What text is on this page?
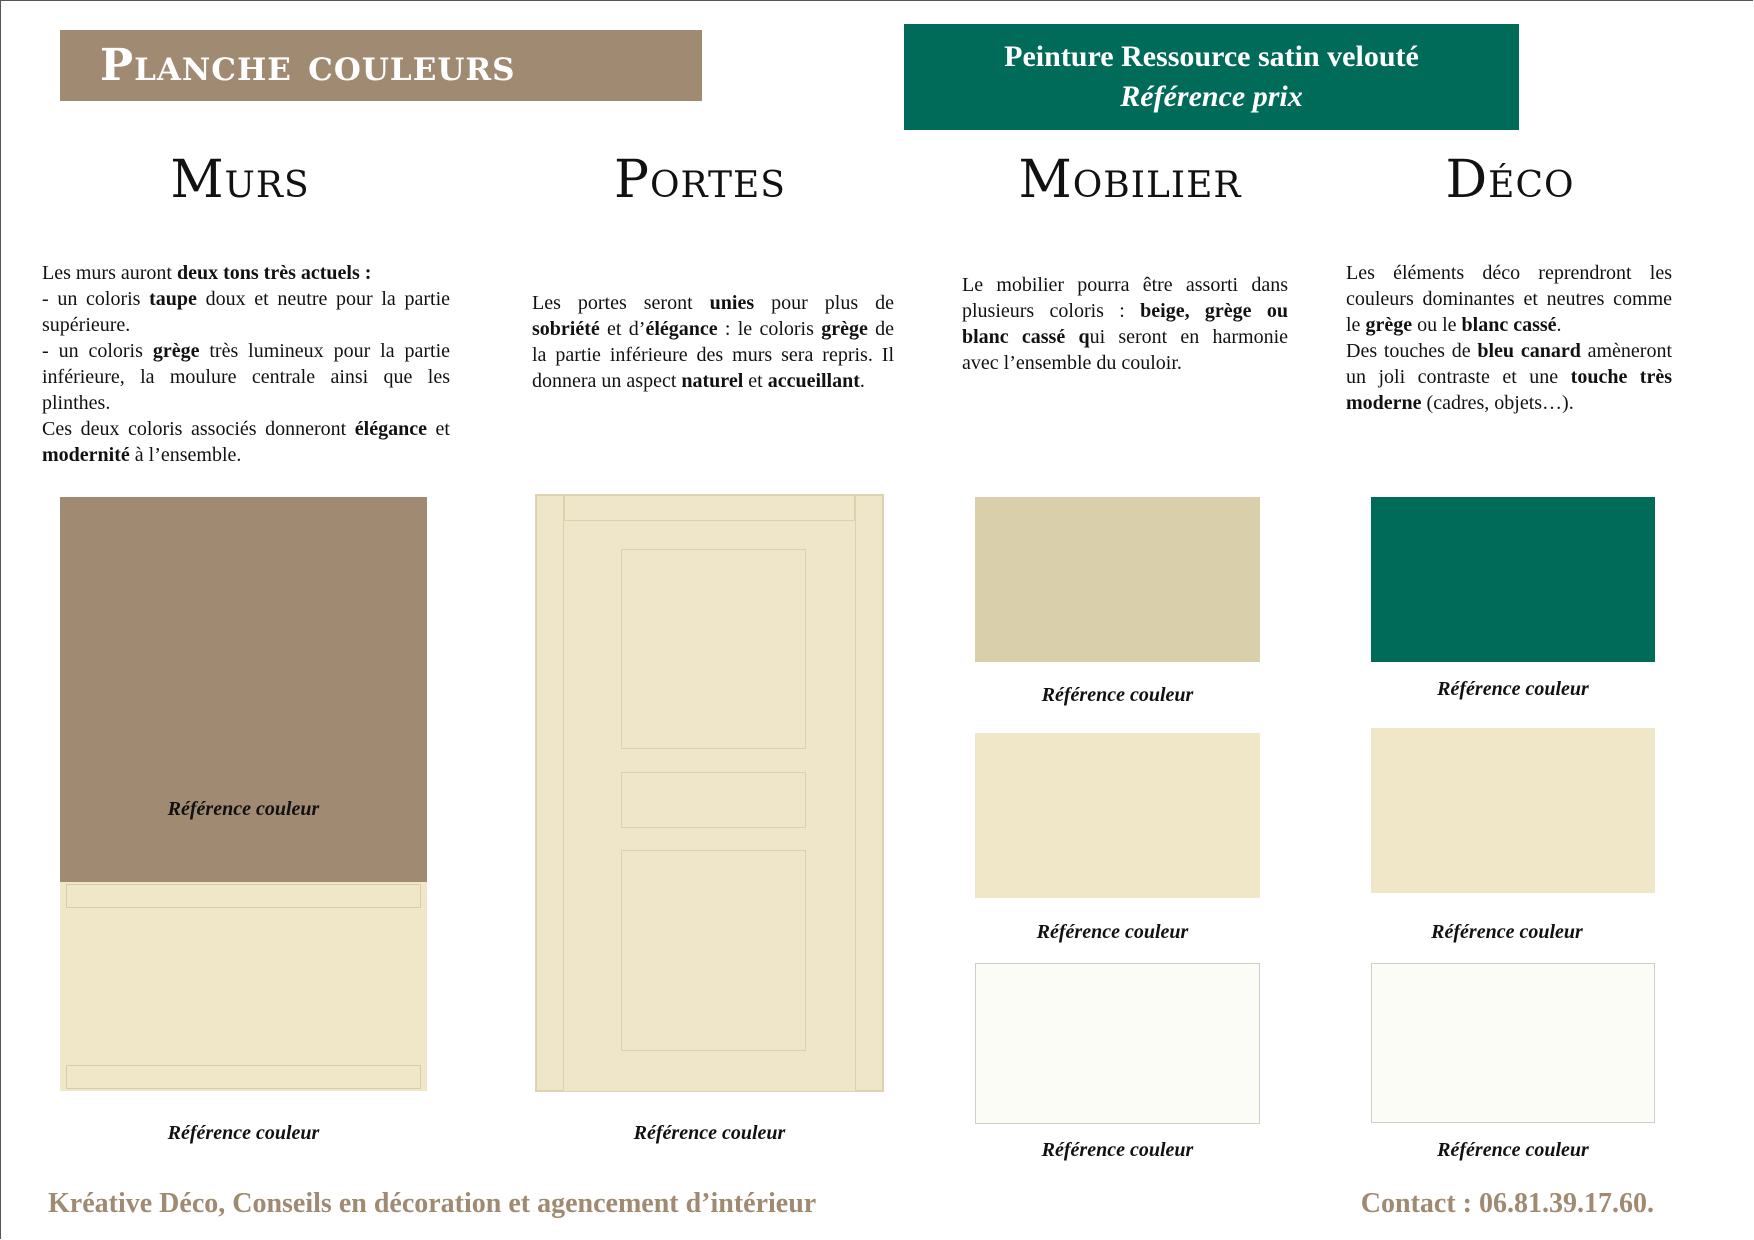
Planche couleurs	Peinture Ressource satin velouté
Référence prix
Murs	Portes	Mobilier	Déco
Les murs auront deux tons très actuels :
- un coloris taupe doux et neutre pour la partie supérieure.
- un coloris grège très lumineux pour la partie inférieure, la moulure centrale ainsi que les plinthes.
Ces deux coloris associés donneront élégance et modernité à l’ensemble.
Les portes seront unies pour plus de sobriété et d’élégance : le coloris grège de la partie inférieure des murs sera repris. Il donnera un aspect naturel et accueillant.
Le mobilier pourra être assorti dans plusieurs coloris : beige, grège ou blanc cassé qui seront en harmonie avec l’ensemble du couloir.
Les éléments déco reprendront les couleurs dominantes et neutres comme le grège ou le blanc cassé.
Des touches de bleu canard amèneront un joli contraste et une touche très moderne (cadres, objets…).
Référence couleur
Référence couleur	Référence couleur
Référence couleur
Référence couleur
Référence couleur
Référence couleur
Référence couleur
Référence couleur
Kréative Déco, Conseils en décoration et agencement d’intérieur	Contact : 06.81.39.17.60.
